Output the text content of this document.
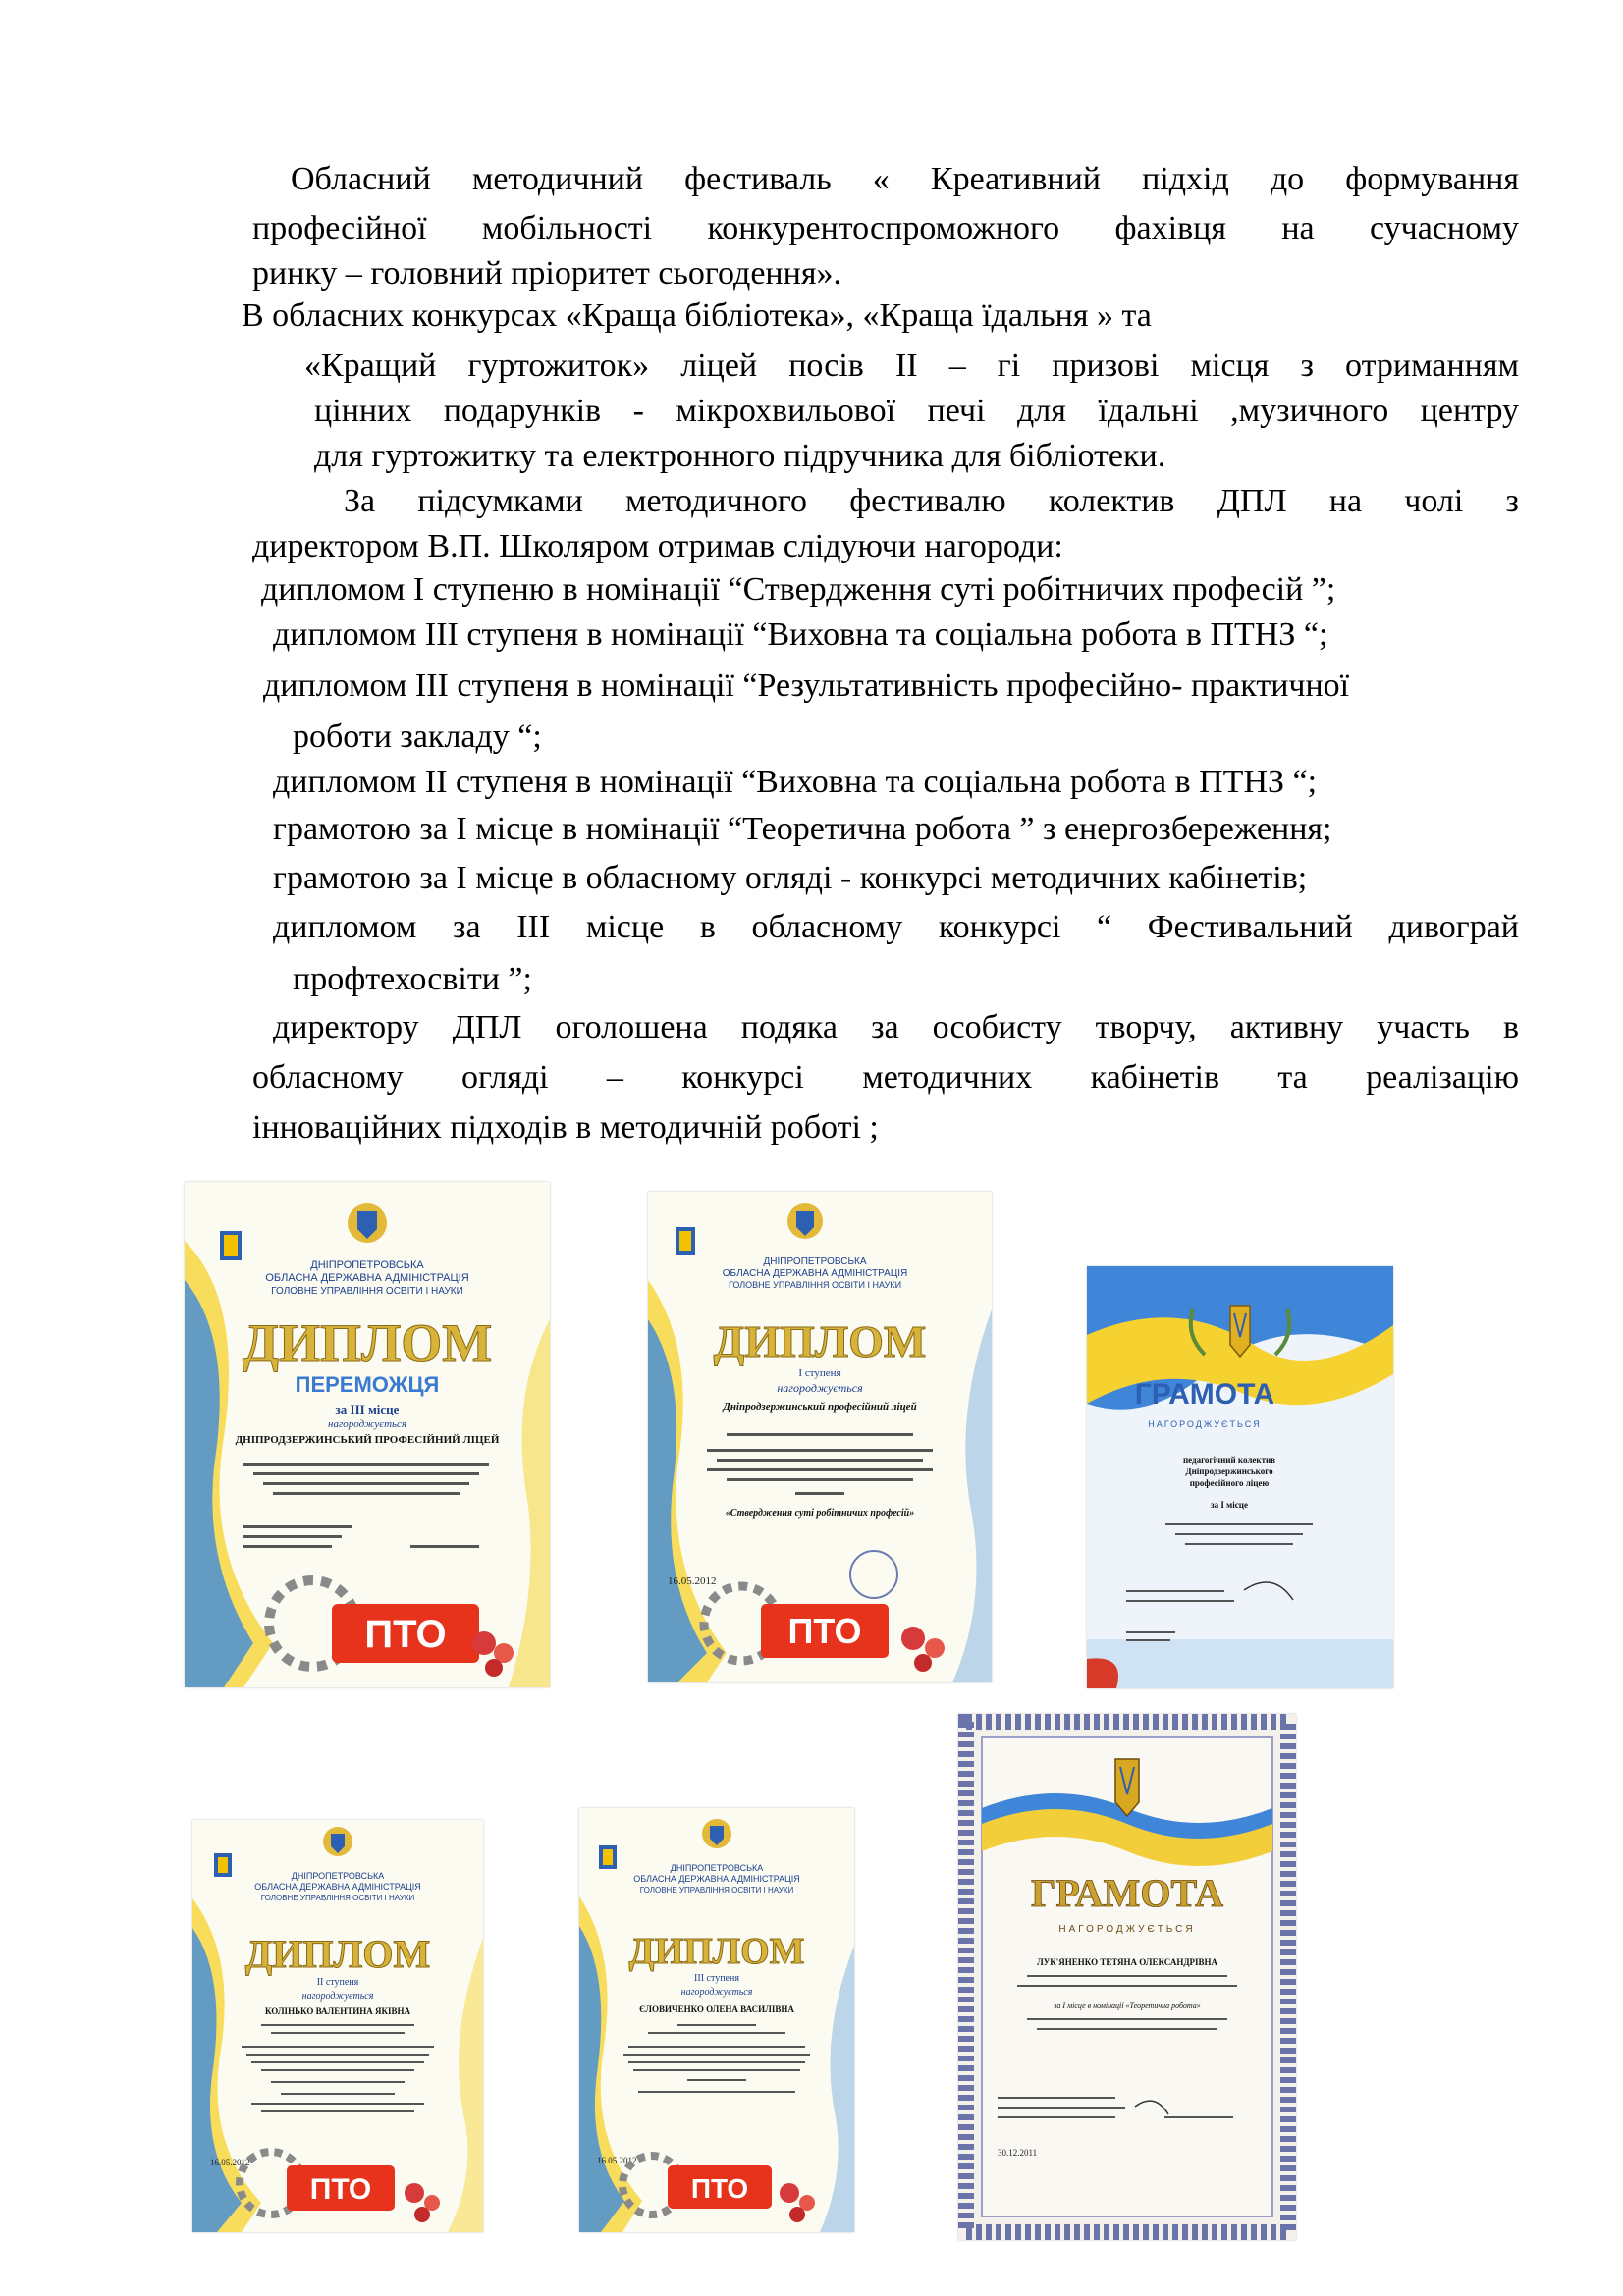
Обласний методичний фестиваль « Креативний підхід до формування
професійної мобільності конкурентоспроможного фахівця на сучасному
ринку – головний пріоритет сьогодення».
В обласних конкурсах «Краща бібліотека», «Краща їдальня » та
«Кращий гуртожиток» ліцей посів ІІ – гі призові місця з отриманням
цінних подарунків - мікрохвильової печі для їдальні ,музичного центру
для гуртожитку та електронного підручника для бібліотеки.
За підсумками методичного фестивалю колектив ДПЛ на чолі з
директором В.П. Школяром отримав слідуючи нагороди:
дипломом І ступеню в номінації “Ствердження суті робітничих професій ”;
дипломом ІІІ ступеня в номінації “Виховна та соціальна робота в ПТНЗ “;
дипломом ІІІ ступеня в номінації “Результативність професійно- практичної
роботи закладу “;
дипломом ІІ ступеня в номінації “Виховна та соціальна робота в ПТНЗ “;
грамотою за І місце в номінації “Теоретична робота ” з енергозбереження;
грамотою за І місце в обласному огляді - конкурсі методичних кабінетів;
дипломом за ІІІ місце в обласному конкурсі “ Фестивальний дивограй
профтехосвіти ”;
директору ДПЛ оголошена подяка за особисту творчу, активну участь в
обласному огляді – конкурсі методичних кабінетів та реалізацію
інноваційних підходів в методичній роботі ;
ДНІПРОПЕТРОВСЬКА
ОБЛАСНА ДЕРЖАВНА АДМІНІСТРАЦІЯ
ГОЛОВНЕ УПРАВЛІННЯ ОСВІТИ І НАУКИ
ДИПЛОМ
ПЕРЕМОЖЦЯ
за ІІІ місце
нагороджується
ДНІПРОДЗЕРЖИНСЬКИЙ ПРОФЕСІЙНИЙ ЛІЦЕЙ
ПТО
ДНІПРОПЕТРОВСЬКА
ОБЛАСНА ДЕРЖАВНА АДМІНІСТРАЦІЯ
ГОЛОВНЕ УПРАВЛІННЯ ОСВІТИ І НАУКИ
ДИПЛОМ
І ступеня
нагороджується
Дніпродзержинський професійний ліцей
«Ствердження суті робітничих професій»
16.05.2012
ПТО
ГРАМОТА
НАГОРОДЖУЄТЬСЯ
педагогічний колектив
Дніпродзержинського
професійного ліцею
за І місце
ДНІПРОПЕТРОВСЬКА
ОБЛАСНА ДЕРЖАВНА АДМІНІСТРАЦІЯ
ГОЛОВНЕ УПРАВЛІННЯ ОСВІТИ І НАУКИ
ДИПЛОМ
ІІ ступеня
нагороджується
КОЛІНЬКО ВАЛЕНТИНА ЯКІВНА
16.05.2012
ПТО
ДНІПРОПЕТРОВСЬКА
ОБЛАСНА ДЕРЖАВНА АДМІНІСТРАЦІЯ
ГОЛОВНЕ УПРАВЛІННЯ ОСВІТИ І НАУКИ
ДИПЛОМ
ІІІ ступеня
нагороджується
ЄЛОВИЧЕНКО ОЛЕНА ВАСИЛІВНА
16.05.2012
ПТО
ГРАМОТА
НАГОРОДЖУЄТЬСЯ
ЛУК'ЯНЕНКО ТЕТЯНА ОЛЕКСАНДРІВНА
за І місце в номінації «Теоретична робота»
30.12.2011
